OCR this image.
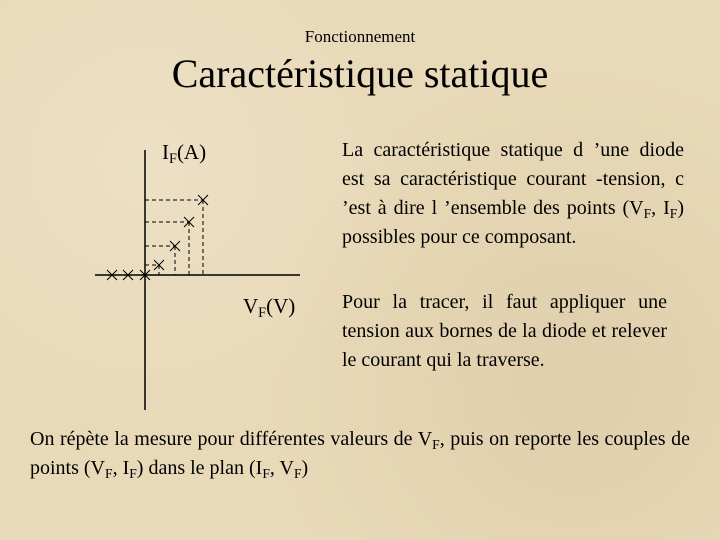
Fonctionnement
Caractéristique statique
$I_F(A)$
$V_F(V)$
La caractéristique statique d ’une diode est sa caractéristique courant -tension, c ’est à dire l ’ensemble des points ($V_F$, $I_F$) possibles pour ce composant.
Pour la tracer, il faut appliquer une tension aux bornes de la diode et relever le courant qui la traverse.
On répète la mesure pour différentes valeurs de $V_F$, puis on reporte les couples de points ($V_F$, $I_F$) dans le plan ($I_F$, $V_F$)
